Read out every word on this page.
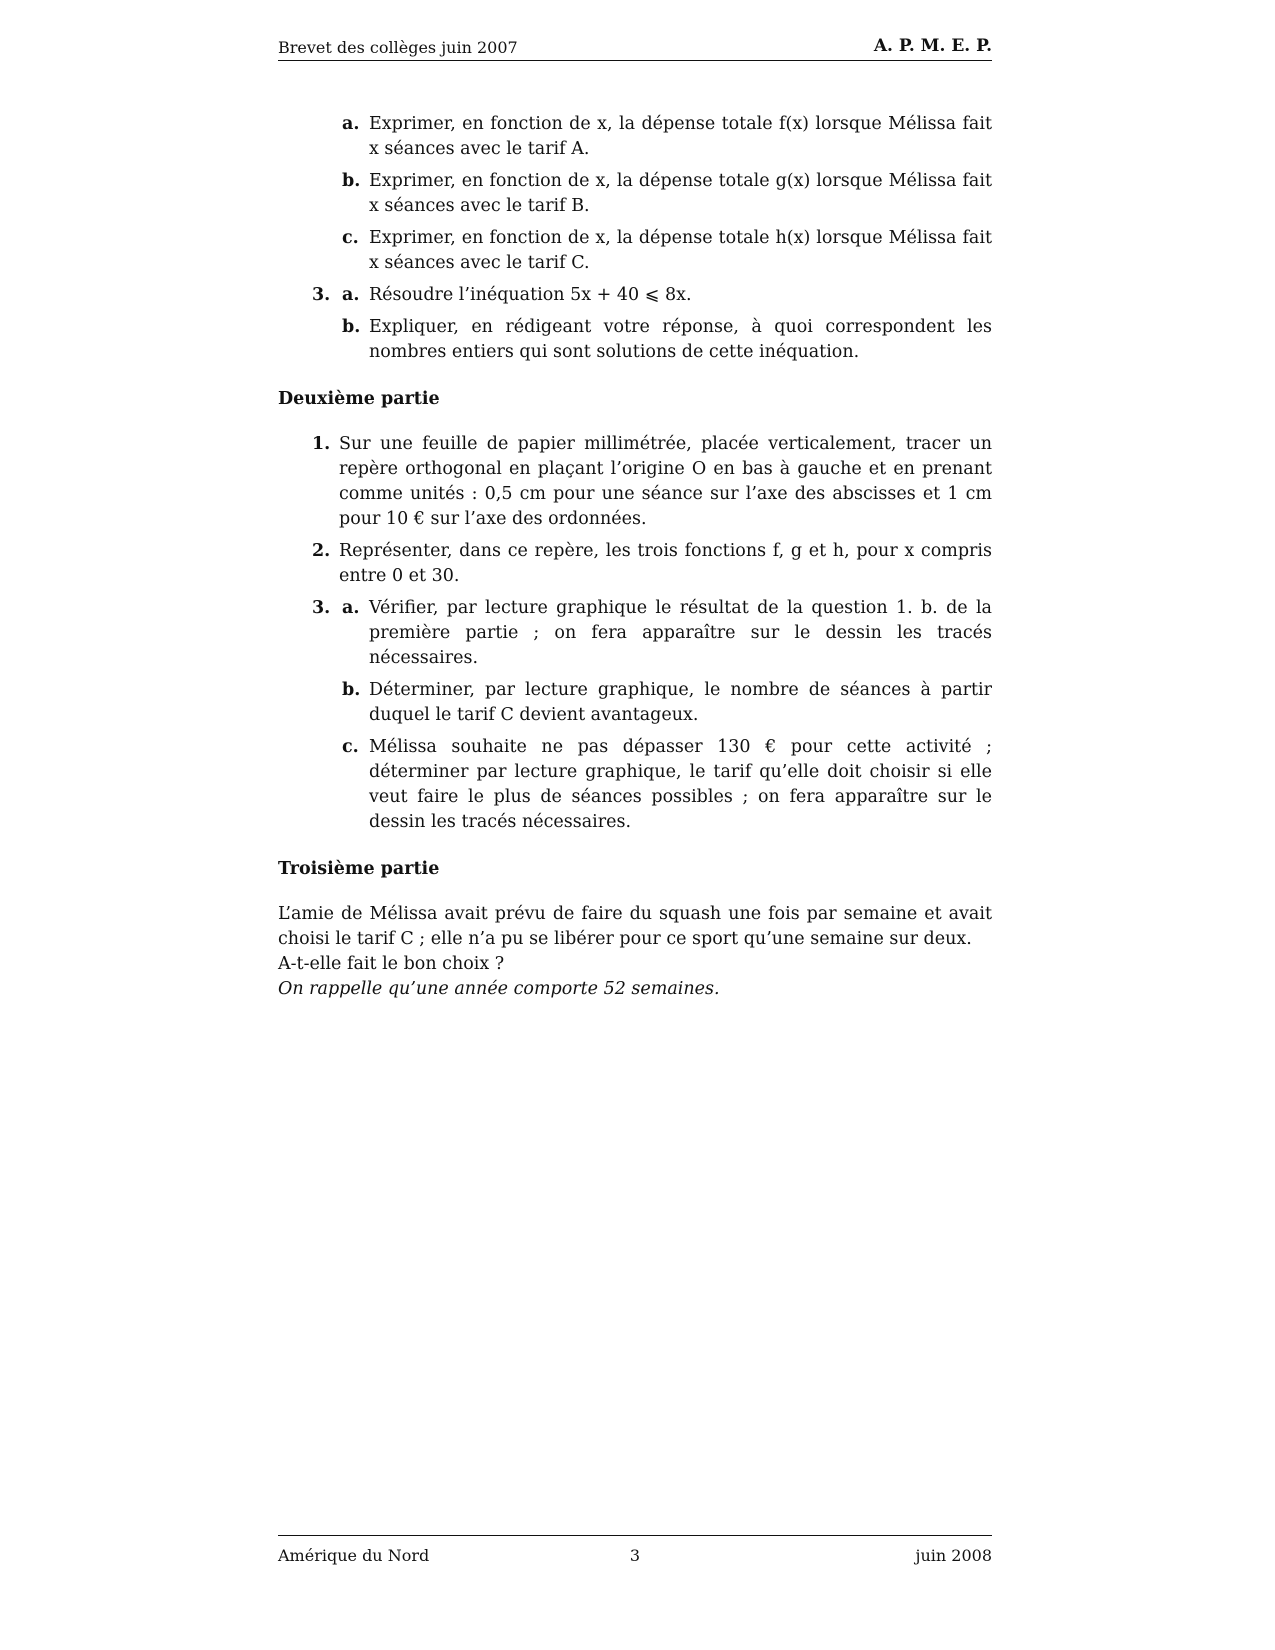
Brevet des collèges juin 2007	A. P. M. E. P.
a. Exprimer, en fonction de x, la dépense totale f(x) lorsque Mélissa fait x séances avec le tarif A.
b. Exprimer, en fonction de x, la dépense totale g(x) lorsque Mélissa fait x séances avec le tarif B.
c. Exprimer, en fonction de x, la dépense totale h(x) lorsque Mélissa fait x séances avec le tarif C.
3. a. Résoudre l’inéquation 5x + 40 ⩽ 8x.
b. Expliquer, en rédigeant votre réponse, à quoi correspondent les nombres entiers qui sont solutions de cette inéquation.
Deuxième partie
1. Sur une feuille de papier millimétrée, placée verticalement, tracer un repère orthogonal en plaçant l’origine O en bas à gauche et en prenant comme unités : 0,5 cm pour une séance sur l’axe des abscisses et 1 cm pour 10 € sur l’axe des ordonnées.
2. Représenter, dans ce repère, les trois fonctions f, g et h, pour x compris entre 0 et 30.
3. a. Vérifier, par lecture graphique le résultat de la question 1. b. de la première partie ; on fera apparaître sur le dessin les tracés nécessaires.
b. Déterminer, par lecture graphique, le nombre de séances à partir duquel le tarif C devient avantageux.
c. Mélissa souhaite ne pas dépasser 130 € pour cette activité ; déterminer par lecture graphique, le tarif qu’elle doit choisir si elle veut faire le plus de séances possibles ; on fera apparaître sur le dessin les tracés nécessaires.
Troisième partie
L’amie de Mélissa avait prévu de faire du squash une fois par semaine et avait choisi le tarif C ; elle n’a pu se libérer pour ce sport qu’une semaine sur deux.
A-t-elle fait le bon choix ?
On rappelle qu’une année comporte 52 semaines.
Amérique du Nord	3	juin 2008
